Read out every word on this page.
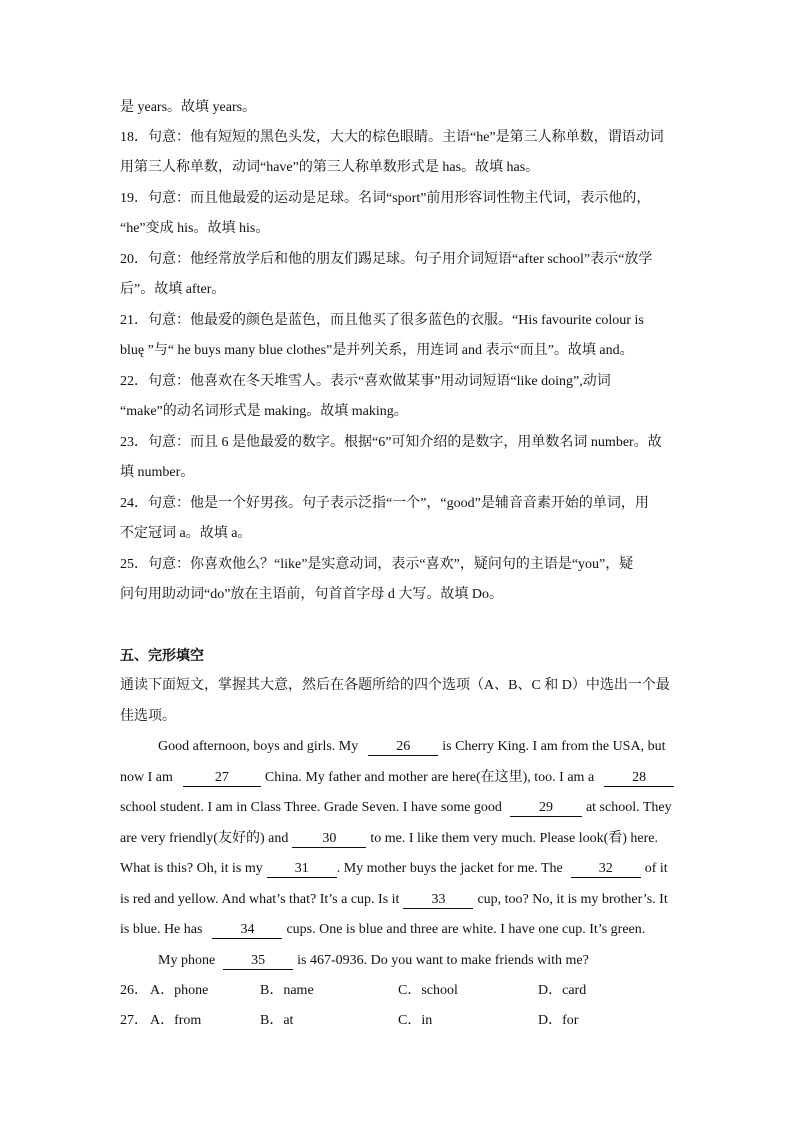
是 years。故填 years。
18．句意：他有短短的黑色头发，大大的棕色眼睛。主语“he”是第三人称单数，谓语动词
用第三人称单数，动词“have”的第三人称单数形式是 has。故填 has。
19．句意：而且他最爱的运动是足球。名词“sport”前用形容词性物主代词，表示他的，
“he”变成 his。故填 his。
20．句意：他经常放学后和他的朋友们踢足球。句子用介词短语“after school”表示“放学
后”。故填 after。
21．句意：他最爱的颜色是蓝色，而且他买了很多蓝色的衣服。“His favourite colour is
bluę ”与“ he buys many blue clothes”是并列关系，用连词 and 表示“而且”。故填 and。
22．句意：他喜欢在冬天堆雪人。表示“喜欢做某事”用动词短语“like doing”,动词
“make”的动名词形式是 making。故填 making。
23．句意：而且 6 是他最爱的数字。根据“6”可知介绍的是数字，用单数名词 number。故
填 number。
24．句意：他是一个好男孩。句子表示泛指“一个”，“good”是辅音音素开始的单词，用
不定冠词 a。故填 a。
25．句意：你喜欢他么？“like”是实意动词，表示“喜欢”，疑问句的主语是“you”，疑
问句用助动词“do”放在主语前，句首首字母 d 大写。故填 Do。
五、完形填空
通读下面短文，掌握其大意，然后在各题所给的四个选项（A、B、C 和 D）中选出一个最
佳选项。
Good afternoon, boys and girls. My	26 is Cherry King. I am from the USA, but
now I am	27	China. My father and mother are here(在这里), too. I am a	28
school student. I am in Class Three. Grade Seven. I have some good	29 at school. They
are very friendly(友好的) and 30 to me. I like them very much. Please look(看) here.
What is this? Oh, it is my 31 . My mother buys the jacket for me. The	32 of it
is red and yellow. And what’s that? It’s a cup. Is it 33 cup, too? No, it is my brother’s. It
is blue. He has	34 cups. One is blue and three are white. I have one cup. It’s green.
My phone	35 is 467-0936. Do you want to make friends with me?
26． A．phone	B．name	C．school	D．card
27． A．from	B．at	C．in	D．for
